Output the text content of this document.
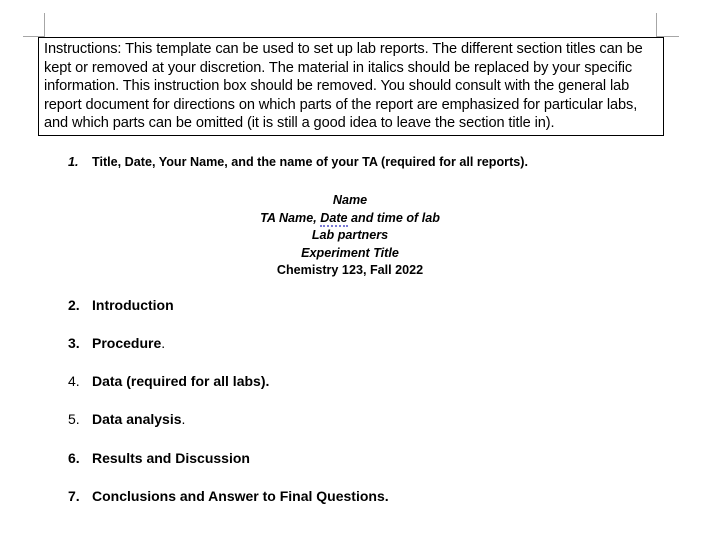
Instructions: This template can be used to set up lab reports. The different section titles can be kept or removed at your discretion. The material in italics should be replaced by your specific information. This instruction box should be removed. You should consult with the general lab report document for directions on which parts of the report are emphasized for particular labs, and which parts can be omitted (it is still a good idea to leave the section title in).
1.	Title, Date, Your Name, and the name of your TA (required for all reports).
Name
TA Name, Date and time of lab
Lab partners
Experiment Title
Chemistry 123, Fall 2022
2. Introduction
3. Procedure .
4. Data (required for all labs).
5. Data analysis .
6. Results and Discussion
7. Conclusions and Answer to Final Questions.
